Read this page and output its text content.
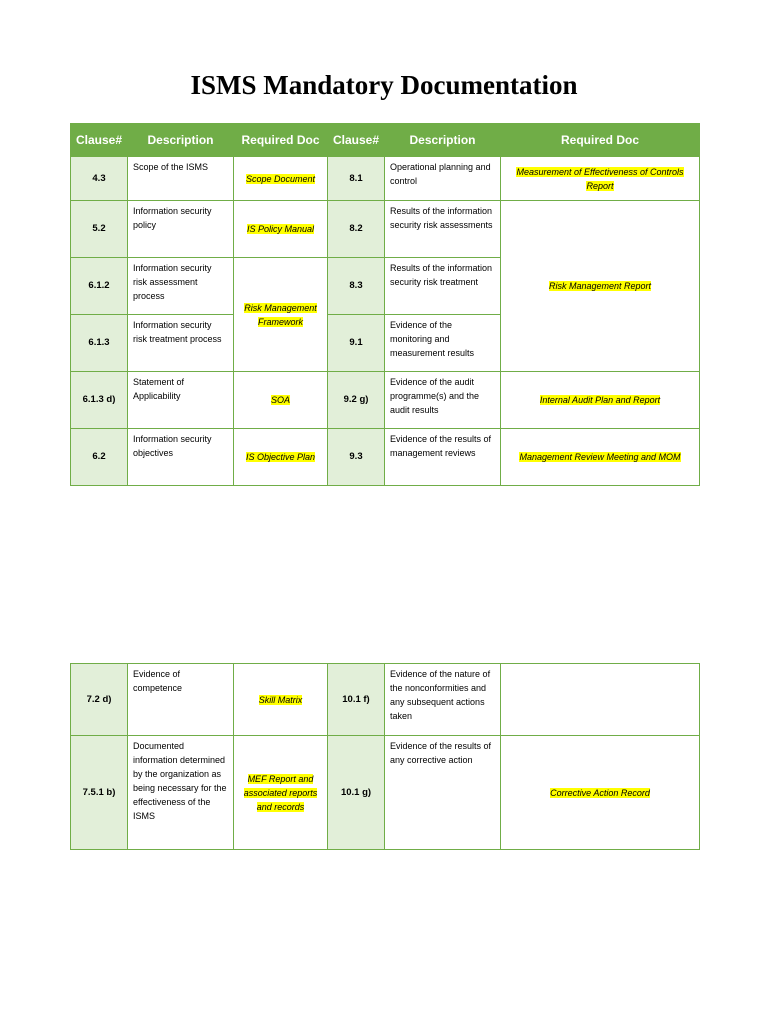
ISMS Mandatory Documentation
Clause#	Description	Required Doc	Clause#	Description	Required Doc
4.3	Scope of the ISMS	Scope Document	8.1	Operational planning and control	Measurement of Effectiveness of Controls Report
5.2	Information security policy	IS Policy Manual	8.2	Results of the information security risk assessments	Risk Management Report
6.1.2	Information security risk assessment process	Risk Management Framework	8.3	Results of the information security risk treatment	
6.1.3	Information security risk treatment process		9.1	Evidence of the monitoring and measurement results	
6.1.3 d)	Statement of Applicability	SOA	9.2 g)	Evidence of the audit programme(s) and the audit results	Internal Audit Plan and Report
6.2	Information security objectives	IS Objective Plan	9.3	Evidence of the results of management reviews	Management Review Meeting and MOM
7.2 d)	Evidence of competence	Skill Matrix	10.1 f)	Evidence of the nature of the nonconformities and any subsequent actions taken	
7.5.1 b)	Documented information determined by the organization as being necessary for the effectiveness of the ISMS	MEF Report and associated reports and records	10.1 g)	Evidence of the results of any corrective action	Corrective Action Record
